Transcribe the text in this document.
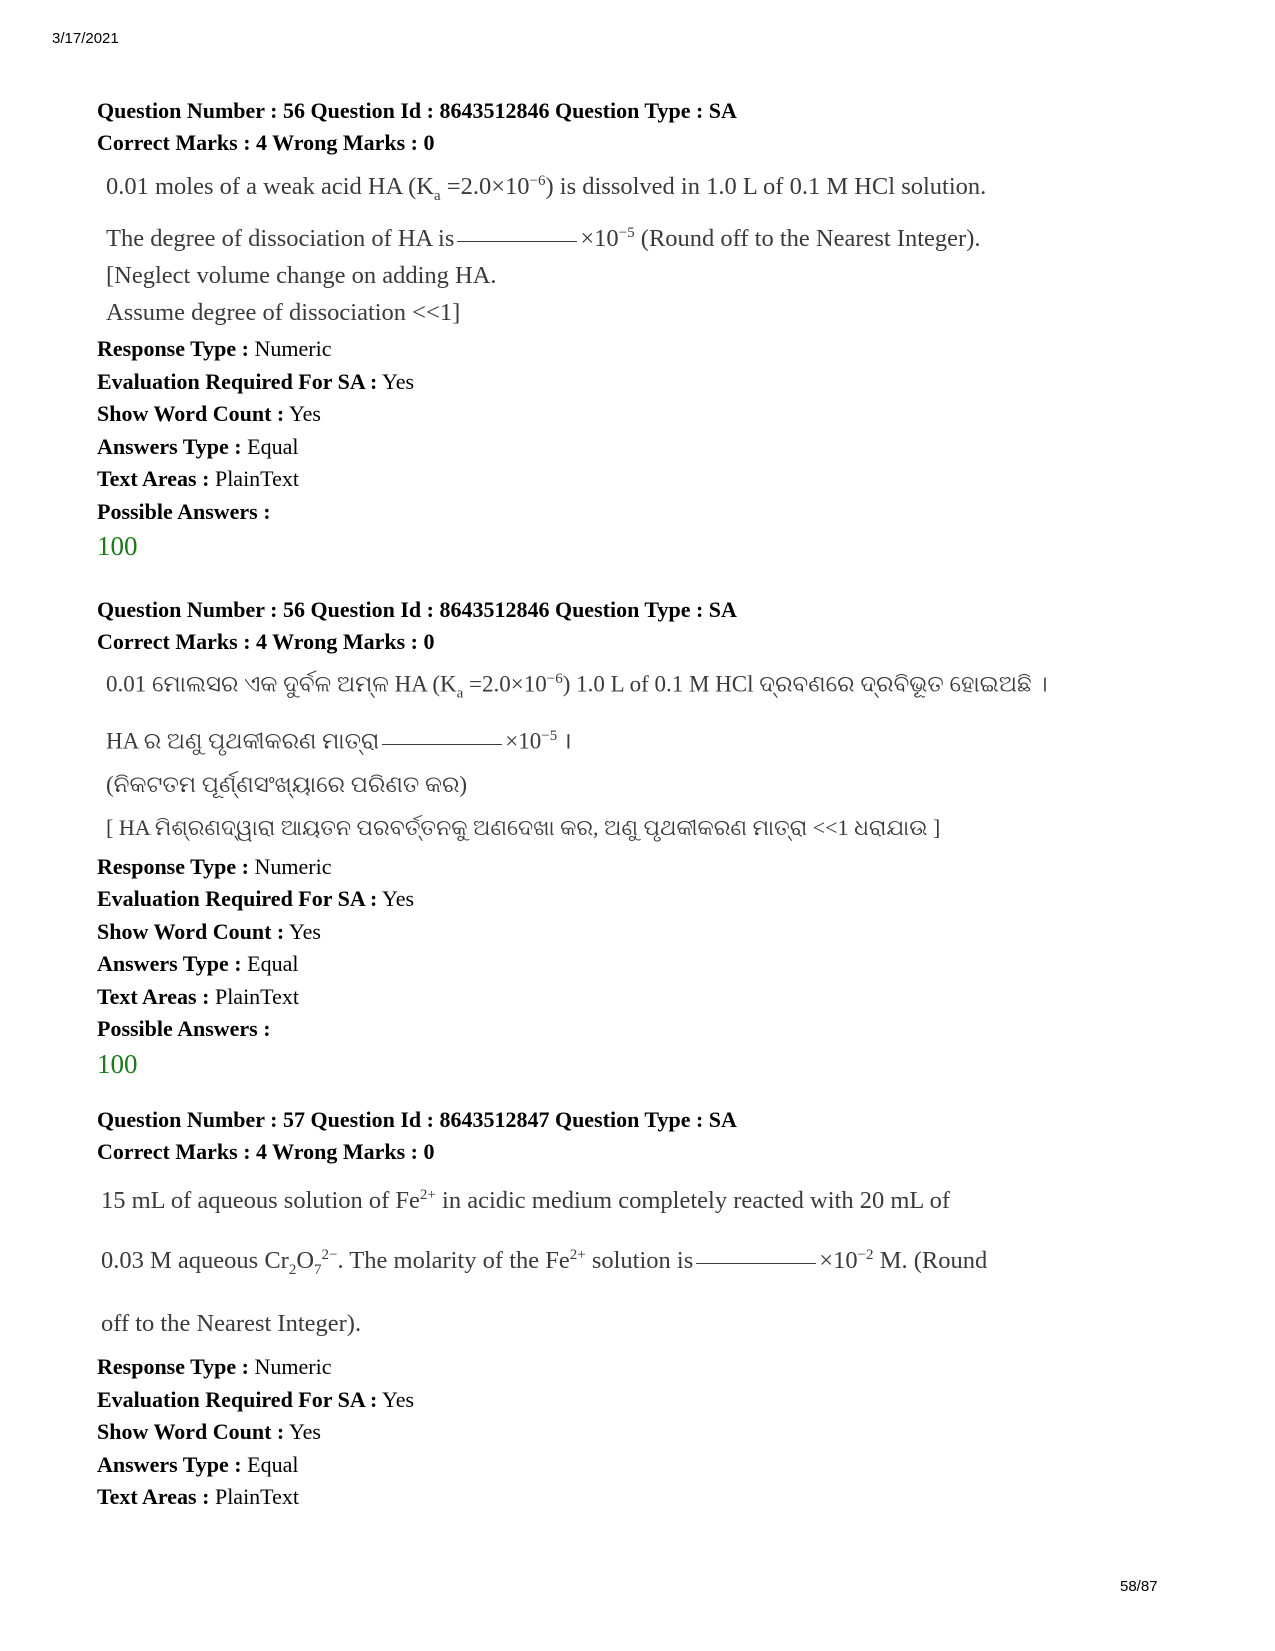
3/17/2021
Question Number : 56 Question Id : 8643512846 Question Type : SA
Correct Marks : 4 Wrong Marks : 0
0.01 moles of a weak acid HA $(K_a =2.0\times 10^{-6})$ is dissolved in 1.0 L of 0.1 M HCl solution.
The degree of dissociation of HA is	$\times 10^{-5}$ (Round off to the Nearest Integer).
[Neglect volume change on adding HA.
Assume degree of dissociation <<1]
Response Type : Numeric
Evaluation Required For SA : Yes
Show Word Count : Yes
Answers Type : Equal
Text Areas : PlainText
Possible Answers :
100
Question Number : 56 Question Id : 8643512846 Question Type : SA
Correct Marks : 4 Wrong Marks : 0
0.01 ମୋଲସର ଏକ ଦୁର୍ବଳ ଅମ୍ଳ HA $(K_a =2.0\times 10^{-6})$ 1.0 L of 0.1 M HCl ଦ୍ରବଣରେ ଦ୍ରବିଭୂତ ହୋଇଅଛି ।
HA ର ଅଣୁ ପୃଥକୀକରଣ ମାତ୍ରା	$\times 10^{-5}$ ।
(ନିକଟତମ ପୂର୍ଣ୍ଣସଂଖ୍ୟାରେ ପରିଣତ କର)
[ HA ମିଶ୍ରଣଦ୍ୱାରା ଆୟତନ ପରବର୍ତ୍ତନକୁ ଅଣଦେଖା କର, ଅଣୁ ପୃଥକୀକରଣ ମାତ୍ରା <<1 ଧରାଯାଉ ]
Response Type : Numeric
Evaluation Required For SA : Yes
Show Word Count : Yes
Answers Type : Equal
Text Areas : PlainText
Possible Answers :
100
Question Number : 57 Question Id : 8643512847 Question Type : SA
Correct Marks : 4 Wrong Marks : 0
15 mL of aqueous solution of $Fe^{2+}$ in acidic medium completely reacted with 20 mL of
0.03 M aqueous $Cr_2O_7^{2-}$. The molarity of the $Fe^{2+}$ solution is	$\times 10^{-2}$ M. (Round
off to the Nearest Integer).
Response Type : Numeric
Evaluation Required For SA : Yes
Show Word Count : Yes
Answers Type : Equal
Text Areas : PlainText
58/87
